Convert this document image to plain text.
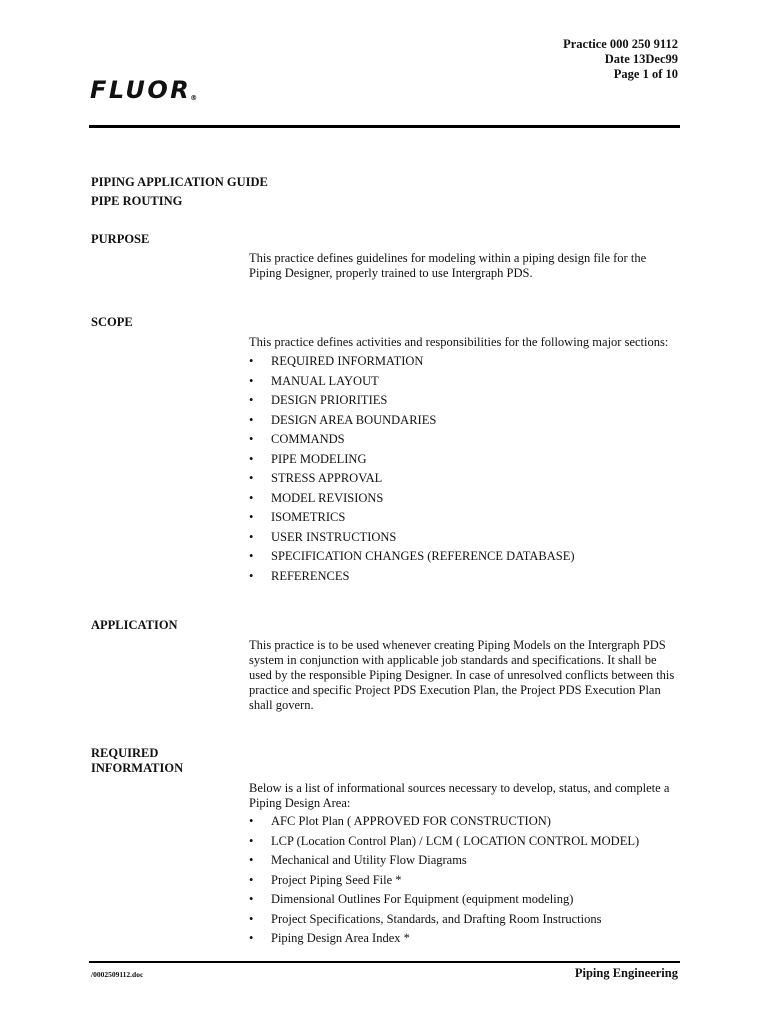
Practice 000 250 9112
Date 13Dec99
Page 1 of 10
FLUOR®
PIPING APPLICATION GUIDE
PIPE ROUTING
PURPOSE
This practice defines guidelines for modeling within a piping design file for the Piping Designer, properly trained to use Intergraph PDS.
SCOPE
This practice defines activities and responsibilities for the following major sections:
• REQUIRED INFORMATION
• MANUAL LAYOUT
• DESIGN PRIORITIES
• DESIGN AREA BOUNDARIES
• COMMANDS
• PIPE MODELING
• STRESS APPROVAL
• MODEL REVISIONS
• ISOMETRICS
• USER INSTRUCTIONS
• SPECIFICATION CHANGES (REFERENCE DATABASE)
• REFERENCES
APPLICATION
This practice is to be used whenever creating Piping Models on the Intergraph PDS system in conjunction with applicable job standards and specifications. It shall be used by the responsible Piping Designer. In case of unresolved conflicts between this practice and specific Project PDS Execution Plan, the Project PDS Execution Plan shall govern.
REQUIRED
INFORMATION
Below is a list of informational sources necessary to develop, status, and complete a Piping Design Area:
• AFC Plot Plan ( APPROVED FOR CONSTRUCTION)
• LCP (Location Control Plan) / LCM ( LOCATION CONTROL MODEL)
• Mechanical and Utility Flow Diagrams
• Project Piping Seed File *
• Dimensional Outlines For Equipment (equipment modeling)
• Project Specifications, Standards, and Drafting Room Instructions
• Piping Design Area Index *
/0002509112.doc	Piping Engineering
